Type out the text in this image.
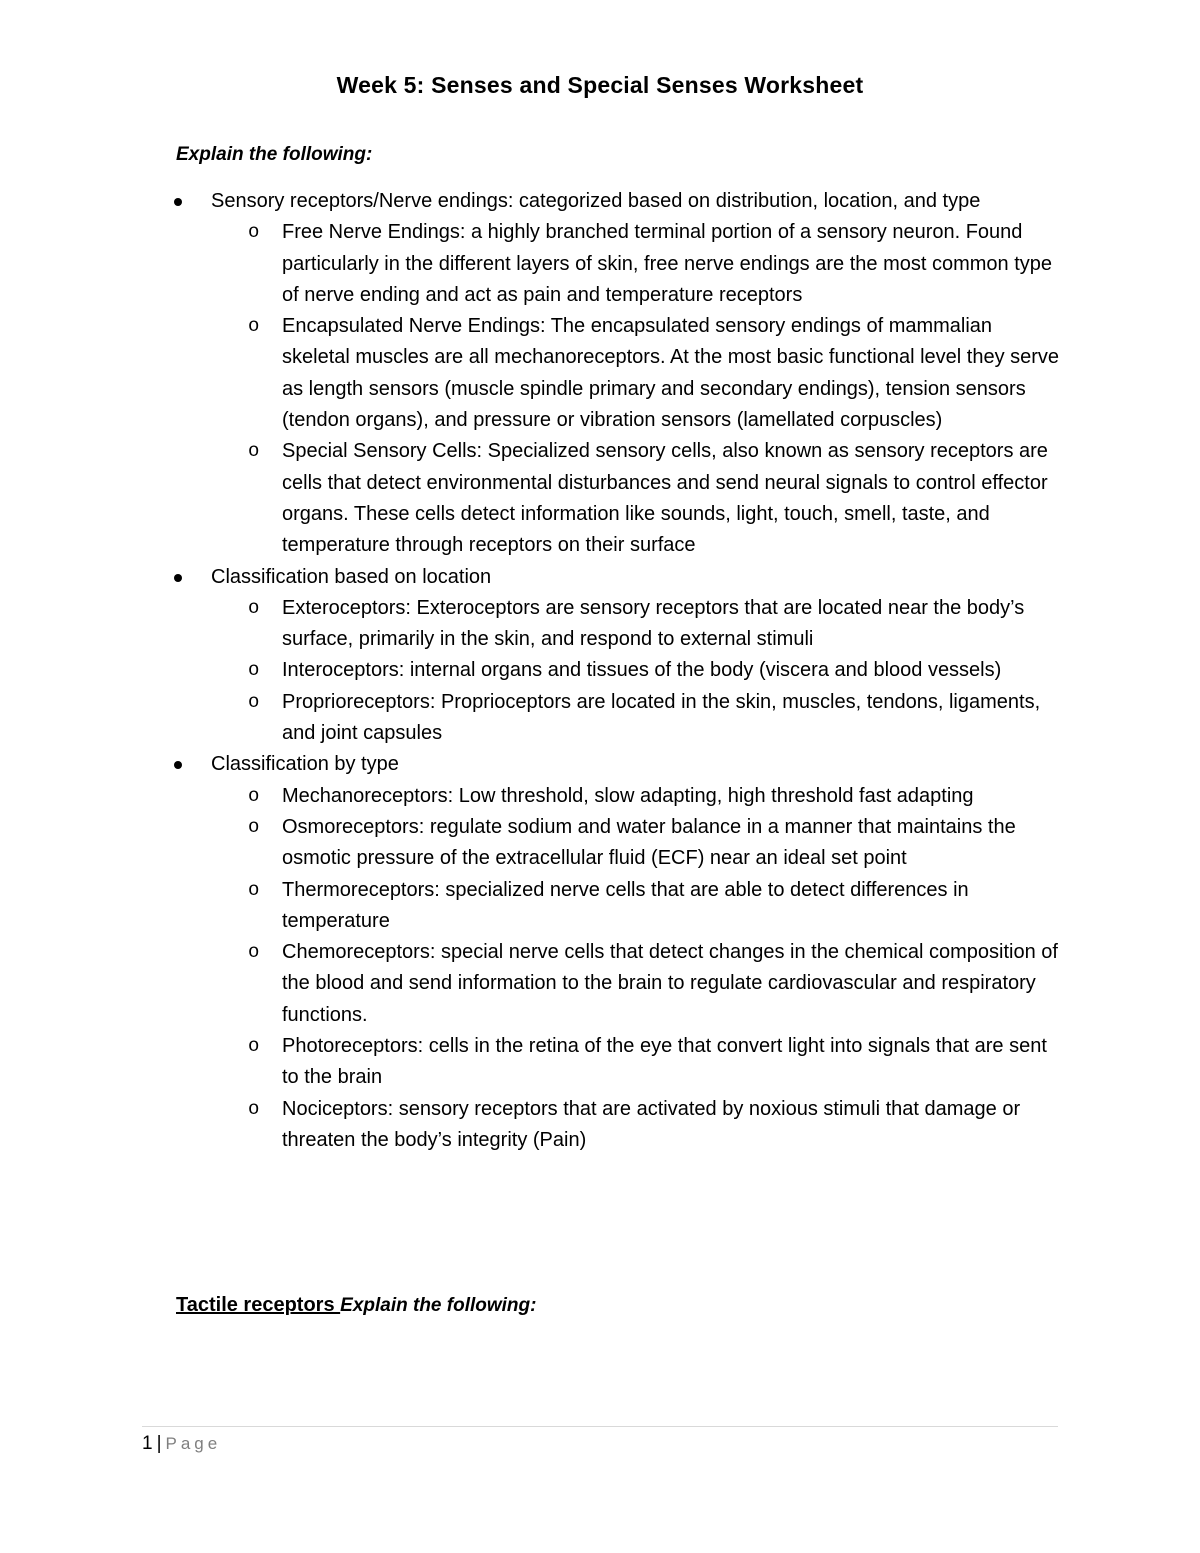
Week 5: Senses and Special Senses Worksheet
Explain the following:
Sensory receptors/Nerve endings: categorized based on distribution, location, and type
o Free Nerve Endings: a highly branched terminal portion of a sensory neuron. Found particularly in the different layers of skin, free nerve endings are the most common type of nerve ending and act as pain and temperature receptors
o Encapsulated Nerve Endings: The encapsulated sensory endings of mammalian skeletal muscles are all mechanoreceptors. At the most basic functional level they serve as length sensors (muscle spindle primary and secondary endings), tension sensors (tendon organs), and pressure or vibration sensors (lamellated corpuscles)
o Special Sensory Cells: Specialized sensory cells, also known as sensory receptors are cells that detect environmental disturbances and send neural signals to control effector organs. These cells detect information like sounds, light, touch, smell, taste, and temperature through receptors on their surface
Classification based on location
o Exteroceptors: Exteroceptors are sensory receptors that are located near the body’s surface, primarily in the skin, and respond to external stimuli
o Interoceptors: internal organs and tissues of the body (viscera and blood vessels)
o Proprioreceptors: Proprioceptors are located in the skin, muscles, tendons, ligaments, and joint capsules
Classification by type
o Mechanoreceptors: Low threshold, slow adapting, high threshold fast adapting
o Osmoreceptors: regulate sodium and water balance in a manner that maintains the osmotic pressure of the extracellular fluid (ECF) near an ideal set point
o Thermoreceptors: specialized nerve cells that are able to detect differences in temperature
o Chemoreceptors: special nerve cells that detect changes in the chemical composition of the blood and send information to the brain to regulate cardiovascular and respiratory functions.
o Photoreceptors: cells in the retina of the eye that convert light into signals that are sent to the brain
o Nociceptors: sensory receptors that are activated by noxious stimuli that damage or threaten the body’s integrity (Pain)
Tactile receptors Explain the following:
1 | Page
